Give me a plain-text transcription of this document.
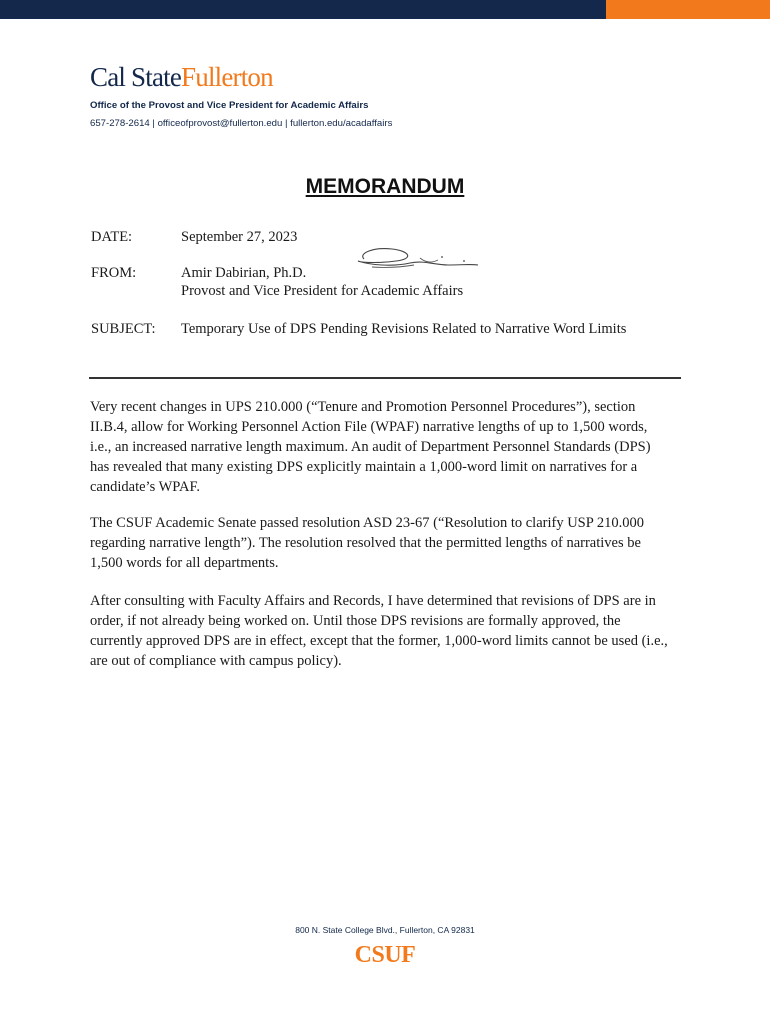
Cal StateFullerton
Office of the Provost and Vice President for Academic Affairs
657-278-2614 | officeofprovost@fullerton.edu | fullerton.edu/acadaffairs
MEMORANDUM
DATE:	September 27, 2023
FROM:	Amir Dabirian, Ph.D.
Provost and Vice President for Academic Affairs
SUBJECT: Temporary Use of DPS Pending Revisions Related to Narrative Word Limits
Very recent changes in UPS 210.000 (“Tenure and Promotion Personnel Procedures”), section II.B.4, allow for Working Personnel Action File (WPAF) narrative lengths of up to 1,500 words, i.e., an increased narrative length maximum. An audit of Department Personnel Standards (DPS) has revealed that many existing DPS explicitly maintain a 1,000-word limit on narratives for a candidate’s WPAF.
The CSUF Academic Senate passed resolution ASD 23-67 (“Resolution to clarify USP 210.000 regarding narrative length”). The resolution resolved that the permitted lengths of narratives be 1,500 words for all departments.
After consulting with Faculty Affairs and Records, I have determined that revisions of DPS are in order, if not already being worked on. Until those DPS revisions are formally approved, the currently approved DPS are in effect, except that the former, 1,000-word limits cannot be used (i.e., are out of compliance with campus policy).
800 N. State College Blvd., Fullerton, CA 92831
CSUF
